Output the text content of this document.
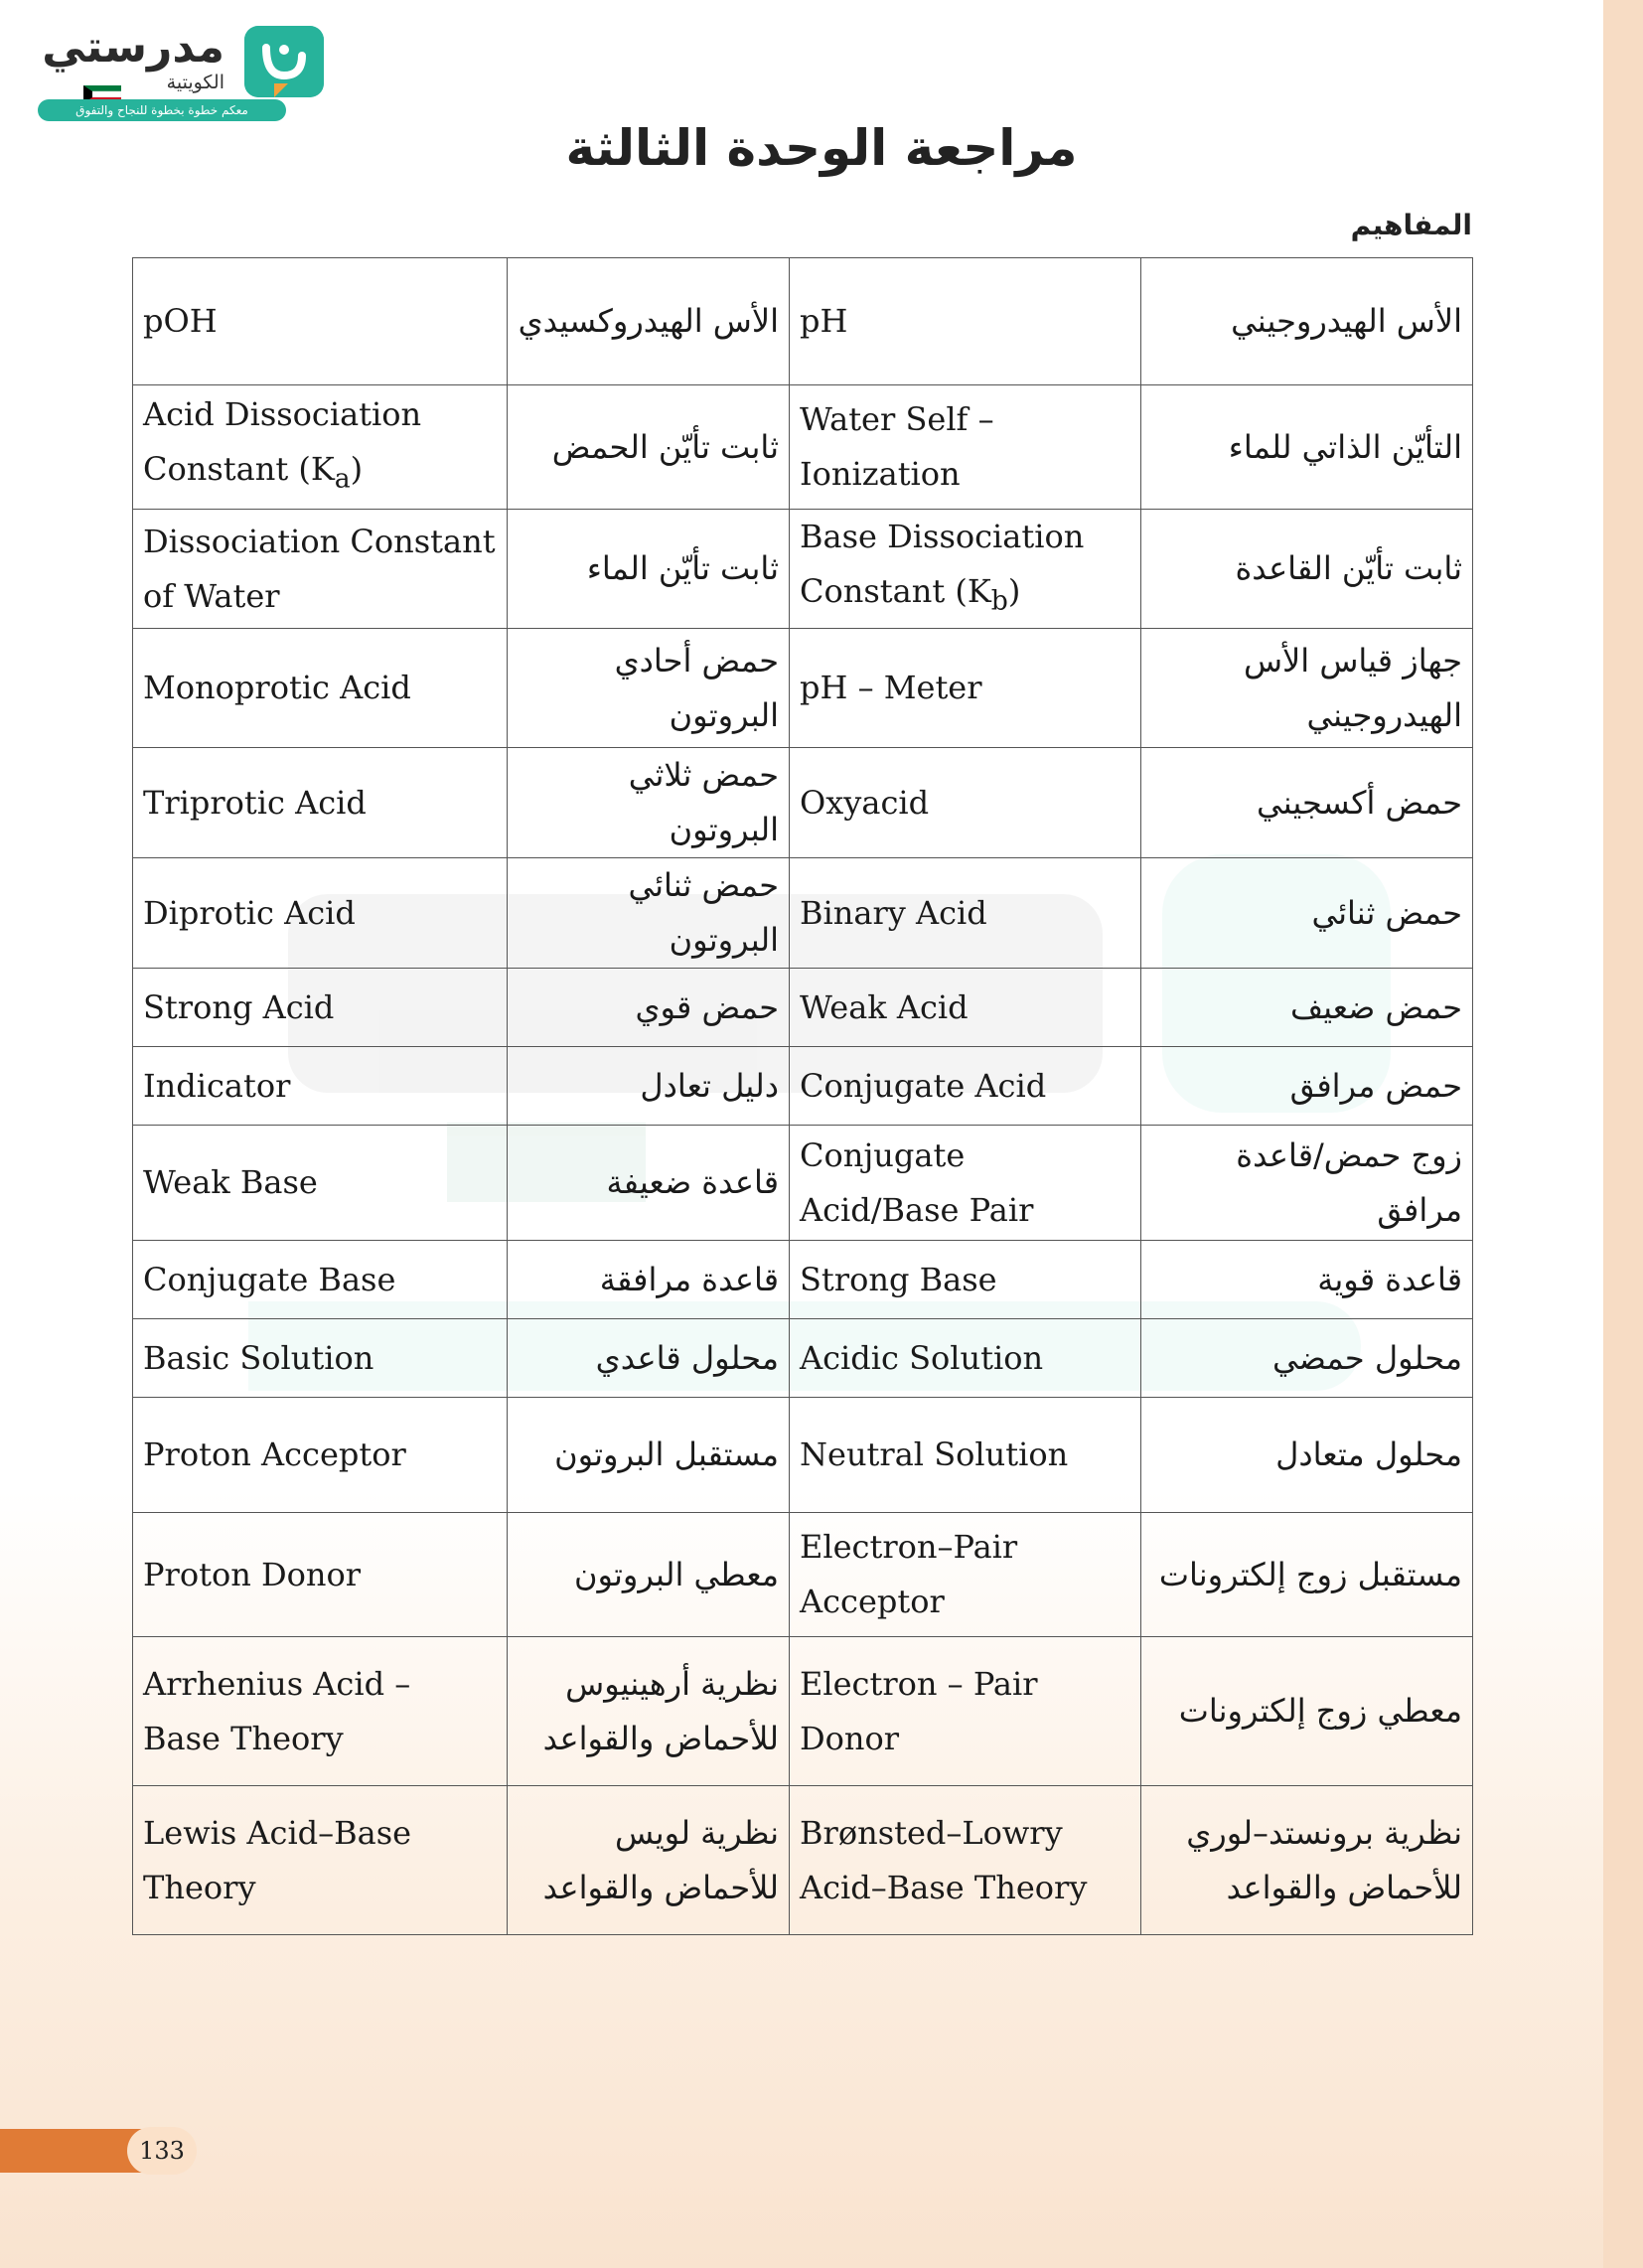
مدرستي
الكويتية
معكم خطوة بخطوة للنجاح والتفوق
مراجعة الوحدة الثالثة
المفاهيم
pOH	الأس الهيدروكسيدي	pH	الأس الهيدروجيني
Acid Dissociation Constant $(K_a)$	ثابت تأيّن الحمض	Water Self – Ionization	التأيّن الذاتي للماء
Dissociation Constant of Water	ثابت تأيّن الماء	Base Dissociation Constant $(K_b)$	ثابت تأيّن القاعدة
Monoprotic Acid	حمض أحادي البروتون	pH – Meter	جهاز قياس الأس الهيدروجيني
Triprotic Acid	حمض ثلاثي البروتون	Oxyacid	حمض أكسجيني
Diprotic Acid	حمض ثنائي البروتون	Binary Acid	حمض ثنائي
Strong Acid	حمض قوي	Weak Acid	حمض ضعيف
Indicator	دليل تعادل	Conjugate Acid	حمض مرافق
Weak Base	قاعدة ضعيفة	Conjugate Acid/Base Pair	زوج حمض/قاعدة مرافق
Conjugate Base	قاعدة مرافقة	Strong Base	قاعدة قوية
Basic Solution	محلول قاعدي	Acidic Solution	محلول حمضي
Proton Acceptor	مستقبل البروتون	Neutral Solution	محلول متعادل
Proton Donor	معطي البروتون	Electron–Pair Acceptor	مستقبل زوج إلكترونات
Arrhenius Acid – Base Theory	نظرية أرهينيوس للأحماض والقواعد	Electron – Pair Donor	معطي زوج إلكترونات
Lewis Acid–Base Theory	نظرية لويس للأحماض والقواعد	Brønsted–Lowry Acid–Base Theory	نظرية برونستد–لوري للأحماض والقواعد
133
